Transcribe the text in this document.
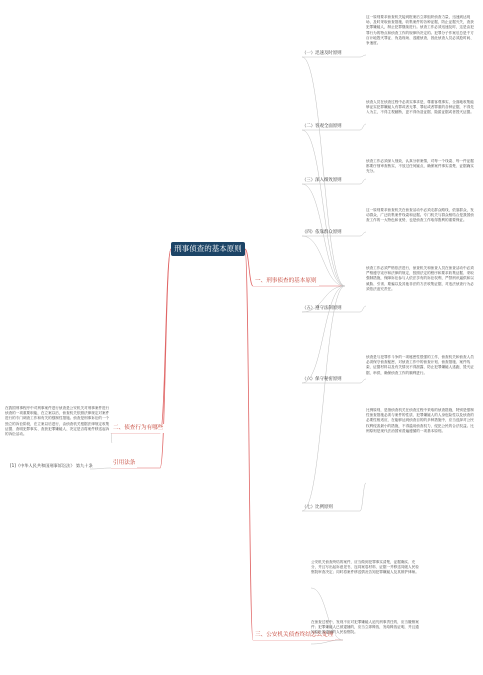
刑事侦查的基本原则
在我国刑事程序中对刑事案件进行侦查是公安机关对刑事案件进行侦查的一项重要职能，在立案以后，侦查机关依照法律规定对案件进行的专门调查工作和有关的强制性措施。侦查是刑事诉讼的一个独立的诉讼阶段，在立案以后进行，由侦查机关根据法律规定收集证据、查明犯罪事实、查获犯罪嫌疑人、决定是否将案件移送起诉的诉讼活动。
二、侦查行为有哪些
引用法条
[1]《中华人民共和国刑事诉讼法》 第九十条
一、刑事侦查的基本原则
（一）迅速及时原则
这一原则要求侦查机关接到报案后立即组织侦查力量，迅速到达现场，及时采取侦查措施，收集案件的各种证据，防止证据灭失，查获犯罪嫌疑人，制止犯罪继续进行。侦查工作必须迅速及时，这是由犯罪行为的特点和侦查工作的规律所决定的。犯罪分子作案后总是千方百计地毁灭罪证、伪造现场、逃避侦查，因此侦查人员必须抢时间、争速度。
（二）客观全面原则
侦查人员在侦查过程中必须实事求是，尊重客观事实，全面地收集能够证实犯罪嫌疑人有罪或者无罪、罪轻或者罪重的各种证据，不得先入为主，不得主观臆断，更不得伪造证据、隐匿证据或者毁灭证据。
（三）深入细致原则
侦查工作必须深入细致，认真分析案情，对每一个线索、每一件证据都要仔细审查核实，不放过任何疑点，确保案件事实清楚、证据确实充分。
（四）依靠群众原则
这一原则要求侦查机关在侦查活动中必须走群众路线，依靠群众，发动群众，广泛收集案件线索和证据。专门机关与群众相结合是我国侦查工作的一大特色和优势，也是侦查工作取得胜利的重要保证。
（五）遵守法制原则
侦查工作必须严格依法进行，侦查机关和侦查人员在侦查活动中必须严格遵守宪序和法律的规定，按照法定的程序和要求收集证据、采取强制措施，保障诉讼参与人依法享有的诉讼权利，严禁刑讯逼供和以威胁、引诱、欺骗以及其他非法的方法收集证据，对违法侦查行为必须依法追究责任。
（六）保守秘密原则
侦查是与犯罪作斗争的一项秘密性很强的工作，侦查机关和侦查人员必须保守侦查秘密，对侦查工作中的侦查计划、侦查措施、案件线索、证据材料以及有关情况不得泄露，防止犯罪嫌疑人逃跑、毁灭证据、串供，确保侦查工作的顺利进行。
（七）比例原则
比例原则，是指侦查机关在侦查过程中采取的侦查措施，特别是强制性侦查措施必须与案件的性质、犯罪嫌疑人的人身危险性以及侦查的必要性相适应，在能够达到侦查目的的多种措施中，应当选择对公民权利侵害最小的措施，不得滥用侦查权力，侵犯公民的合法权益。比例原则是现代法治国家普遍遵循的一项基本原则。
三、公安机关侦查终结怎么处理
公安机关侦查终结的案件，应当做到犯罪事实清楚，证据确实、充分，并且写出起诉意见书，连同案卷材料、证据一并移送同级人民检察院审查决定；同时将案件移送情况告知犯罪嫌疑人及其辩护律师。
在侦查过程中，发现不应对犯罪嫌疑人追究刑事责任的，应当撤销案件；犯罪嫌疑人已被逮捕的，应当立即释放，发给释放证明，并且通知原批准逮捕的人民检察院。
